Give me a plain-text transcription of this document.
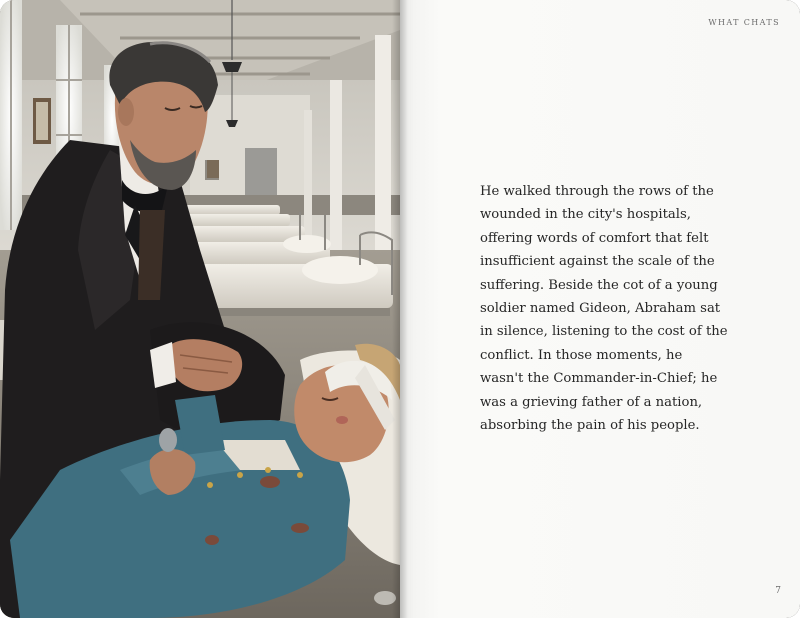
WHAT CHATS

He walked through the rows of the wounded in the city's hospitals, offering words of comfort that felt insufficient against the scale of the suffering. Beside the cot of a young soldier named Gideon, Abraham sat in silence, listening to the cost of the conflict. In those moments, he wasn't the Commander-in-Chief; he was a grieving father of a nation, absorbing the pain of his people.

7
